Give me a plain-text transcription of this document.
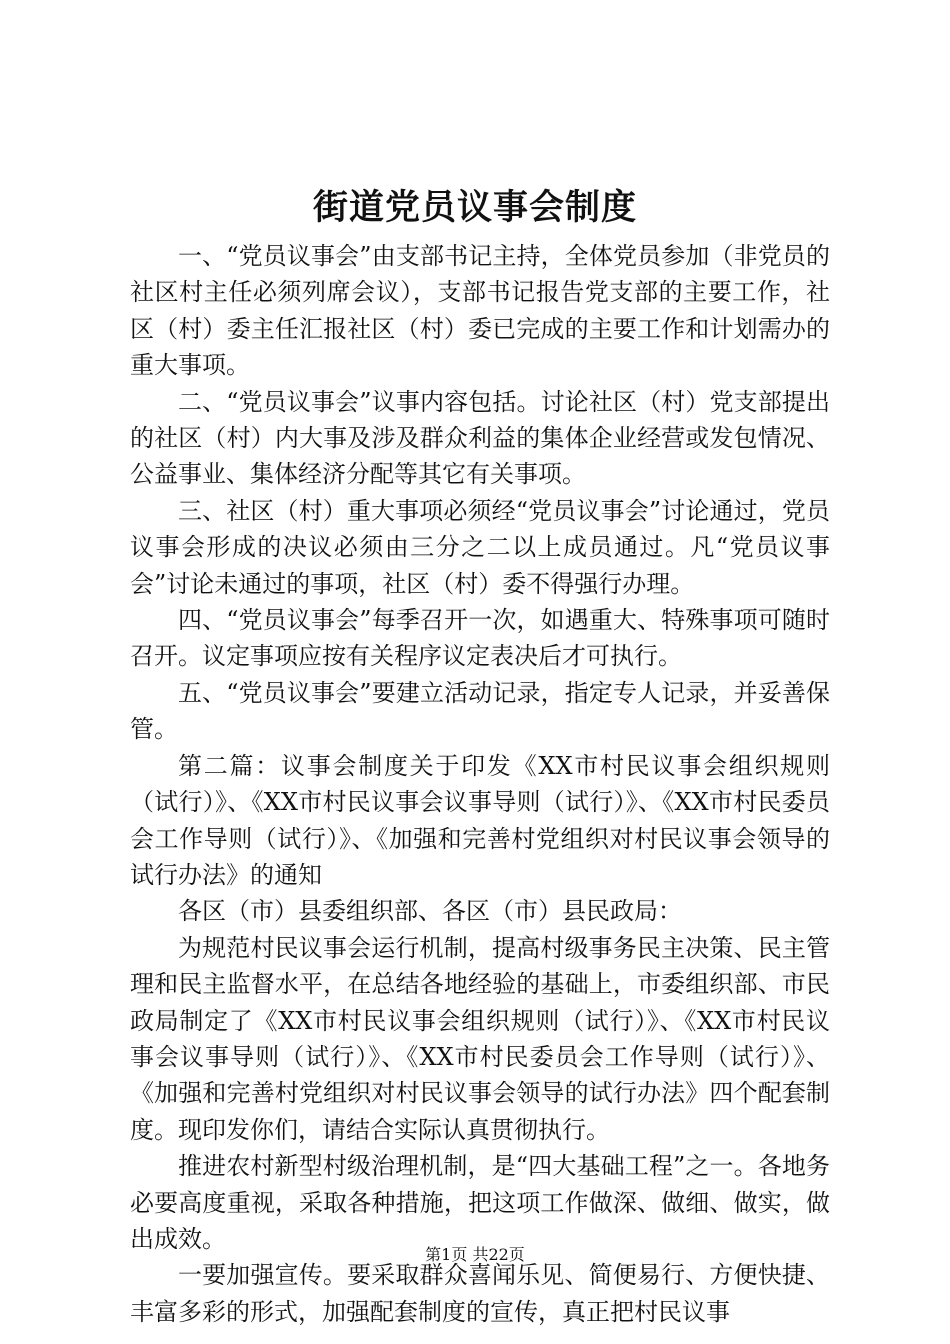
街道党员议事会制度

一、“党员议事会”由支部书记主持，全体党员参加（非党员的社区村主任必须列席会议），支部书记报告党支部的主要工作，社区（村）委主任汇报社区（村）委已完成的主要工作和计划需办的重大事项。

二、“党员议事会”议事内容包括。讨论社区（村）党支部提出的社区（村）内大事及涉及群众利益的集体企业经营或发包情况、公益事业、集体经济分配等其它有关事项。

三、社区（村）重大事项必须经“党员议事会”讨论通过，党员议事会形成的决议必须由三分之二以上成员通过。凡“党员议事会”讨论未通过的事项，社区（村）委不得强行办理。

四、“党员议事会”每季召开一次，如遇重大、特殊事项可随时召开。议定事项应按有关程序议定表决后才可执行。

五、“党员议事会”要建立活动记录，指定专人记录，并妥善保管。

第二篇：议事会制度关于印发《XX市村民议事会组织规则（试行）》、《XX市村民议事会议事导则（试行）》、《XX市村民委员会工作导则（试行）》、《加强和完善村党组织对村民议事会领导的试行办法》的通知

各区（市）县委组织部、各区（市）县民政局：

为规范村民议事会运行机制，提高村级事务民主决策、民主管理和民主监督水平，在总结各地经验的基础上，市委组织部、市民政局制定了《XX市村民议事会组织规则（试行）》、《XX市村民议事会议事导则（试行）》、《XX市村民委员会工作导则（试行）》、《加强和完善村党组织对村民议事会领导的试行办法》四个配套制度。现印发你们，请结合实际认真贯彻执行。

推进农村新型村级治理机制，是“四大基础工程”之一。各地务必要高度重视，采取各种措施，把这项工作做深、做细、做实，做出成效。

一要加强宣传。要采取群众喜闻乐见、简便易行、方便快捷、丰富多彩的形式，加强配套制度的宣传，真正把村民议事

第1页 共22页
